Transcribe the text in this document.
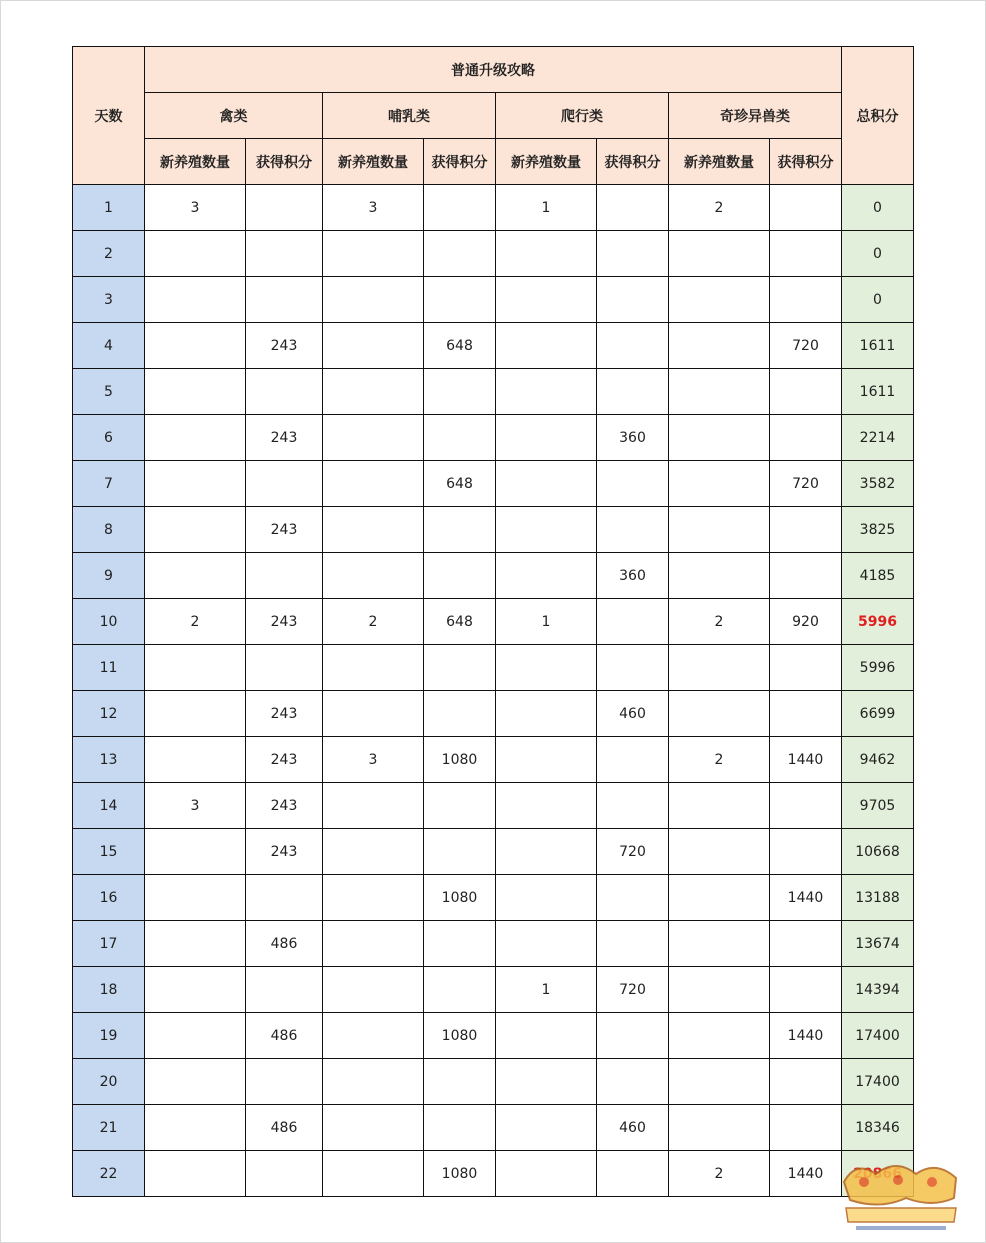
天数	普通升级攻略								总积分
	禽类		哺乳类		爬行类		奇珍异兽类		
	新养殖数量	获得积分	新养殖数量	获得积分	新养殖数量	获得积分	新养殖数量	获得积分	
1	3		3		1		2		0
2									0
3									0
4		243		648				720	1611
5									1611
6		243				360			2214
7				648				720	3582
8		243							3825
9						360			4185
10	2	243	2	648	1		2	920	5996
11									5996
12		243				460			6699
13		243	3	1080			2	1440	9462
14	3	243							9705
15		243				720			10668
16				1080				1440	13188
17		486							13674
18					1	720			14394
19		486		1080				1440	17400
20									17400
21		486				460			18346
22				1080			2	1440	
